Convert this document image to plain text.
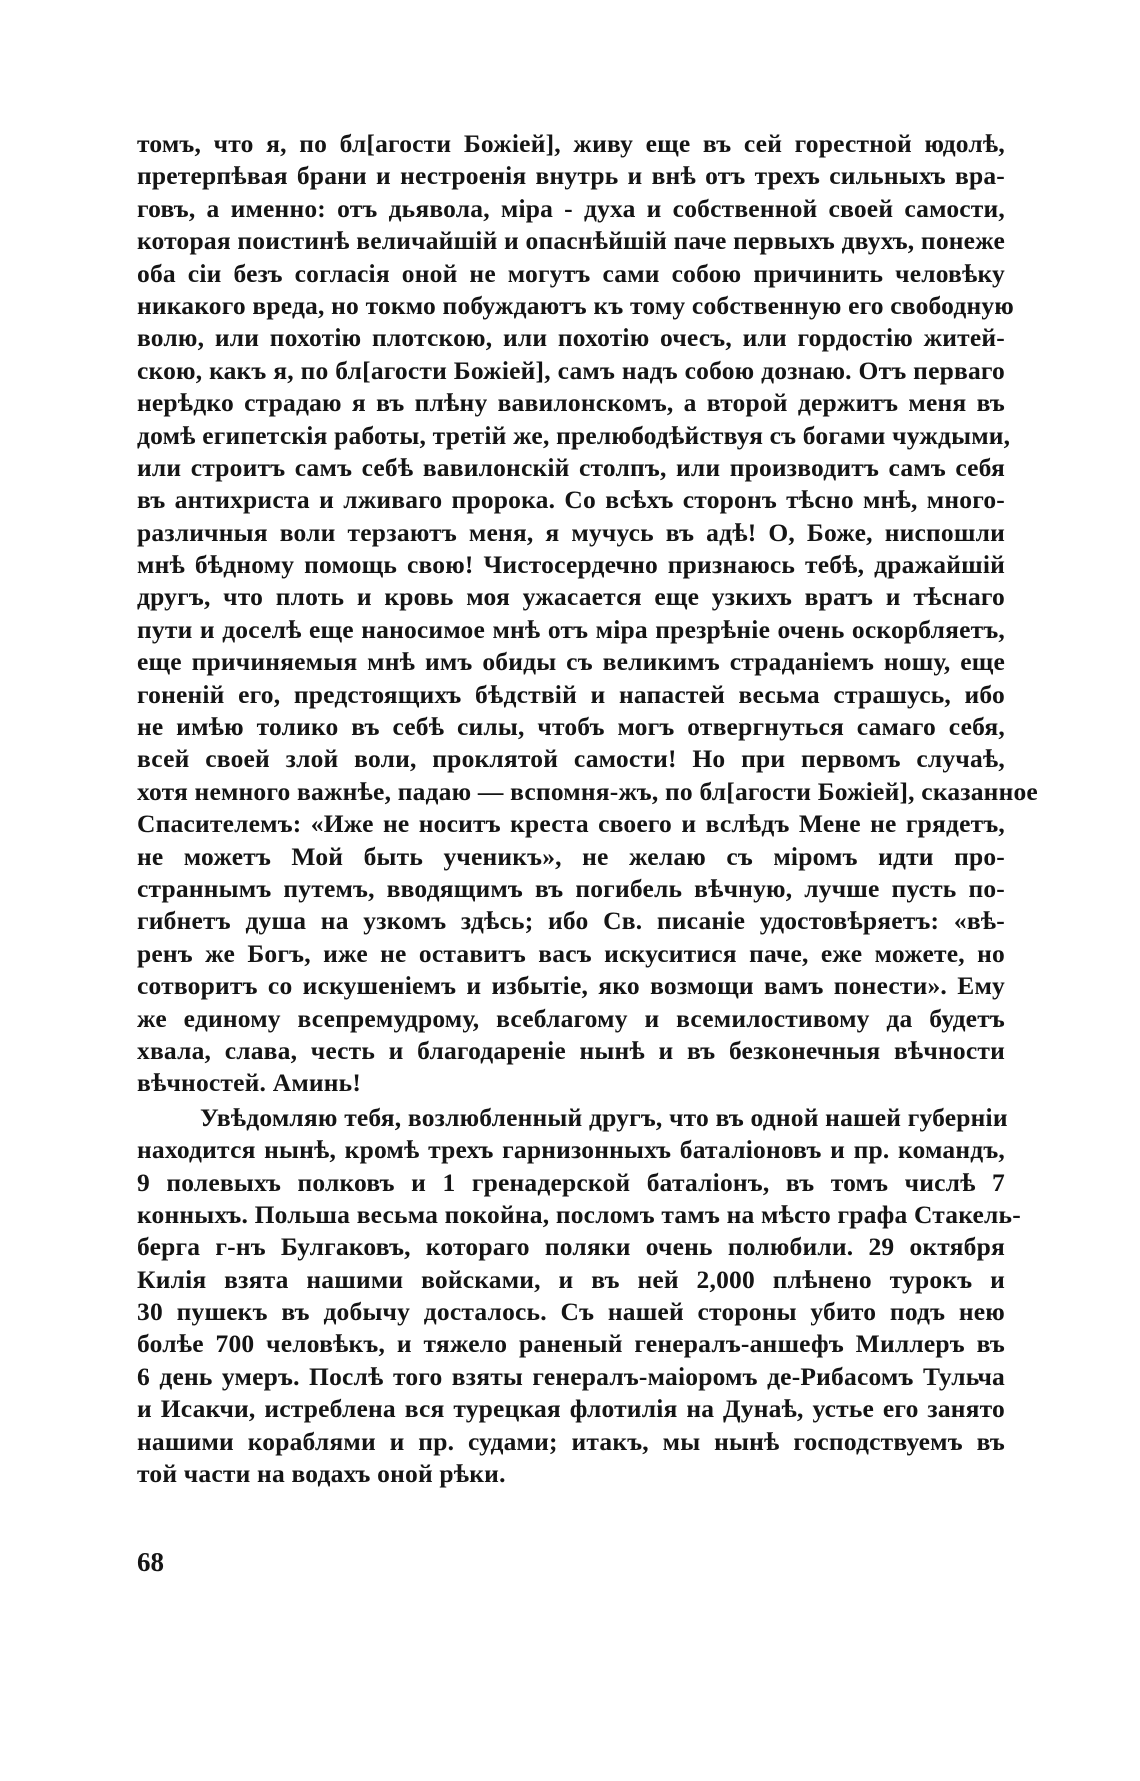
томъ, что я, по бл[агости Божіей], живу еще въ сей горестной юдолѣ,
претерпѣвая брани и нестроенія внутрь и внѣ отъ трехъ сильныхъ вра-
говъ, а именно: отъ дьявола, міра - духа и собственной своей самости,
которая поистинѣ величайшій и опаснѣйшій паче первыхъ двухъ, понеже
оба сіи безъ согласія оной не могутъ сами собою причинить человѣку
никакого вреда, но токмо побуждаютъ къ тому собственную его свободную
волю, или похотію плотскою, или похотію очесъ, или гордостію житей-
скою, какъ я, по бл[агости Божіей], самъ надъ собою дознаю. Отъ перваго
нерѣдко страдаю я въ плѣну вавилонскомъ, а второй держитъ меня въ
домѣ египетскія работы, третій же, прелюбодѣйствуя съ богами чуждыми,
или строитъ самъ себѣ вавилонскій столпъ, или производитъ самъ себя
въ антихриста и лживаго пророка. Со всѣхъ сторонъ тѣсно мнѣ, много-
различныя воли терзаютъ меня, я мучусь въ адѣ! О, Боже, ниспошли
мнѣ бѣдному помощь свою! Чистосердечно признаюсь тебѣ, дражайшій
другъ, что плоть и кровь моя ужасается еще узкихъ вратъ и тѣснаго
пути и доселѣ еще наносимое мнѣ отъ міра презрѣніе очень оскорбляетъ,
еще причиняемыя мнѣ имъ обиды съ великимъ страданіемъ ношу, еще
гоненій его, предстоящихъ бѣдствій и напастей весьма страшусь, ибо
не имѣю толико въ себѣ силы, чтобъ могъ отвергнуться самаго себя,
всей своей злой воли, проклятой самости! Но при первомъ случаѣ,
хотя немного важнѣе, падаю — вспомня-жъ, по бл[агости Божіей], сказанное
Спасителемъ: «Иже не носитъ креста своего и вслѣдъ Мене не грядетъ,
не можетъ Мой быть ученикъ», не желаю съ міромъ идти про-
страннымъ путемъ, вводящимъ въ погибель вѣчную, лучше пусть по-
гибнетъ душа на узкомъ здѣсь; ибо Св. писаніе удостовѣряетъ: «вѣ-
ренъ же Богъ, иже не оставитъ васъ искуситися паче, еже можете, но
сотворитъ со искушеніемъ и избытіе, яко возмощи вамъ понести». Ему
же единому всепремудрому, всеблагому и всемилостивому да будетъ
хвала, слава, честь и благодареніе нынѣ и въ безконечныя вѣчности
вѣчностей. Аминь!
Увѣдомляю тебя, возлюбленный другъ, что въ одной нашей губерніи
находится нынѣ, кромѣ трехъ гарнизонныхъ баталіоновъ и пр. командъ,
9 полевыхъ полковъ и 1 гренадерской баталіонъ, въ томъ числѣ 7
конныхъ. Польша весьма покойна, посломъ тамъ на мѣсто графа Стакель-
берга г-нъ Булгаковъ, котораго поляки очень полюбили. 29 октября
Килія взята нашими войсками, и въ ней 2,000 плѣнено турокъ и
30 пушекъ въ добычу досталось. Съ нашей стороны убито подъ нею
болѣе 700 человѣкъ, и тяжело раненый генералъ-аншефъ Миллеръ въ
6 день умеръ. Послѣ того взяты генералъ-маіоромъ де-Рибасомъ Тульча
и Исакчи, истреблена вся турецкая флотилія на Дунаѣ, устье его занято
нашими кораблями и пр. судами; итакъ, мы нынѣ господствуемъ въ
той части на водахъ оной рѣки.
68
